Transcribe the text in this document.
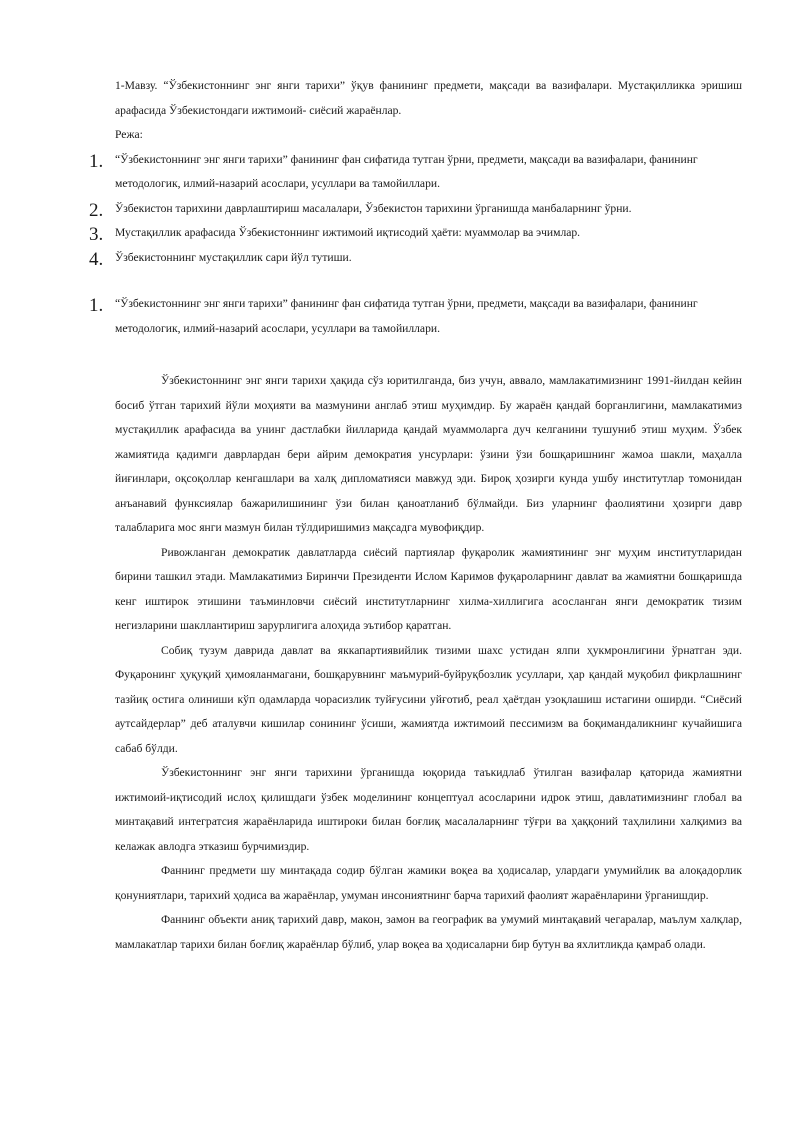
1-Мавзу. “Ўзбекистоннинг энг янги тарихи” ўқув фанининг предмети, мақсади ва вазифалари. Мустақилликка эришиш арафасида Ўзбекистондаги ижтимоий- сиёсий жараёнлар.

Режа:

1. “Ўзбекистоннинг энг янги тарихи” фанининг фан сифатида тутган ўрни, предмети, мақсади ва вазифалари, фанининг методологик, илмий-назарий асослари, усуллари ва тамойиллари.
2. Ўзбекистон тарихини даврлаштириш масалалари, Ўзбекистон тарихини ўрганишда манбаларнинг ўрни.
3. Мустақиллик арафасида Ўзбекистоннинг ижтимоий иқтисодий ҳаёти: муаммолар ва эчимлар.
4. Ўзбекистоннинг мустақиллик сари йўл тутиши.
1. “Ўзбекистоннинг энг янги тарихи” фанининг фан сифатида тутган ўрни, предмети, мақсади ва вазифалари, фанининг методологик, илмий-назарий асослари, усуллари ва тамойиллари.

Ўзбекистоннинг энг янги тарихи ҳақида сўз юритилганда, биз учун, аввало, мамлакатимизнинг 1991-йилдан кейин босиб ўтган тарихий йўли моҳияти ва мазмунини англаб этиш муҳимдир. Бу жараён қандай борганлигини, мамлакатимиз мустақиллик арафасида ва унинг дастлабки йилларида қандай муаммоларга дуч келганини тушуниб этиш муҳим. Ўзбек жамиятида қадимги даврлардан бери айрим демократия унсурлари: ўзини ўзи бошқаришнинг жамоа шакли, маҳалла йиғинлари, оқсоқоллар кенгашлари ва халқ дипломатияси мавжуд эди. Бироқ ҳозирги кунда ушбу институтлар томонидан анъанавий функсиялар бажарилишининг ўзи билан қаноатланиб бўлмайди. Биз уларнинг фаолиятини ҳозирги давр талабларига мос янги мазмун билан тўлдиришимиз мақсадга мувофиқдир.

Ривожланган демократик давлатларда сиёсий партиялар фуқаролик жамиятининг энг муҳим институтларидан бирини ташкил этади. Мамлакатимиз Биринчи Президенти Ислом Каримов фуқароларнинг давлат ва жамиятни бошқаришда кенг иштирок этишини таъминловчи сиёсий институтларнинг хилма-хиллигига асосланган янги демократик тизим негизларини шакллантириш зарурлигига алоҳида эътибор қаратган.

Собиқ тузум даврида давлат ва яккапартиявийлик тизими шахс устидан ялпи ҳукмронлигини ўрнатган эди. Фуқаронинг ҳуқуқий ҳимояланмагани, бошқарувнинг маъмурий-буйруқбозлик усуллари, ҳар қандай муқобил фикрлашнинг тазйиқ остига олиниши кўп одамларда чорасизлик туйғусини уйғотиб, реал ҳаётдан узоқлашиш истагини оширди. “Сиёсий аутсайдерлар” деб аталувчи кишилар сонининг ўсиши, жамиятда ижтимоий пессимизм ва боқимандаликнинг кучайишига сабаб бўлди.

Ўзбекистоннинг энг янги тарихини ўрганишда юқорида таъкидлаб ўтилган вазифалар қаторида жамиятни ижтимоий-иқтисодий ислоҳ қилишдаги ўзбек моделининг концептуал асосларини идрок этиш, давлатимизнинг глобал ва минтақавий интегратсия жараёнларида иштироки билан боғлиқ масалаларнинг тўғри ва ҳаққоний таҳлилини халқимиз ва келажак авлодга этказиш бурчимиздир.

Фаннинг предмети шу минтақада содир бўлган жамики воқеа ва ҳодисалар, улардаги умумийлик ва алоқадорлик қонуниятлари, тарихий ҳодиса ва жараёнлар, умуман инсониятнинг барча тарихий фаолият жараёнларини ўрганишдир.

Фаннинг объекти аниқ тарихий давр, макон, замон ва географик ва умумий минтақавий чегаралар, маълум халқлар, мамлакатлар тарихи билан боғлиқ жараёнлар бўлиб, улар воқеа ва ҳодисаларни бир бутун ва яхлитликда қамраб олади.
